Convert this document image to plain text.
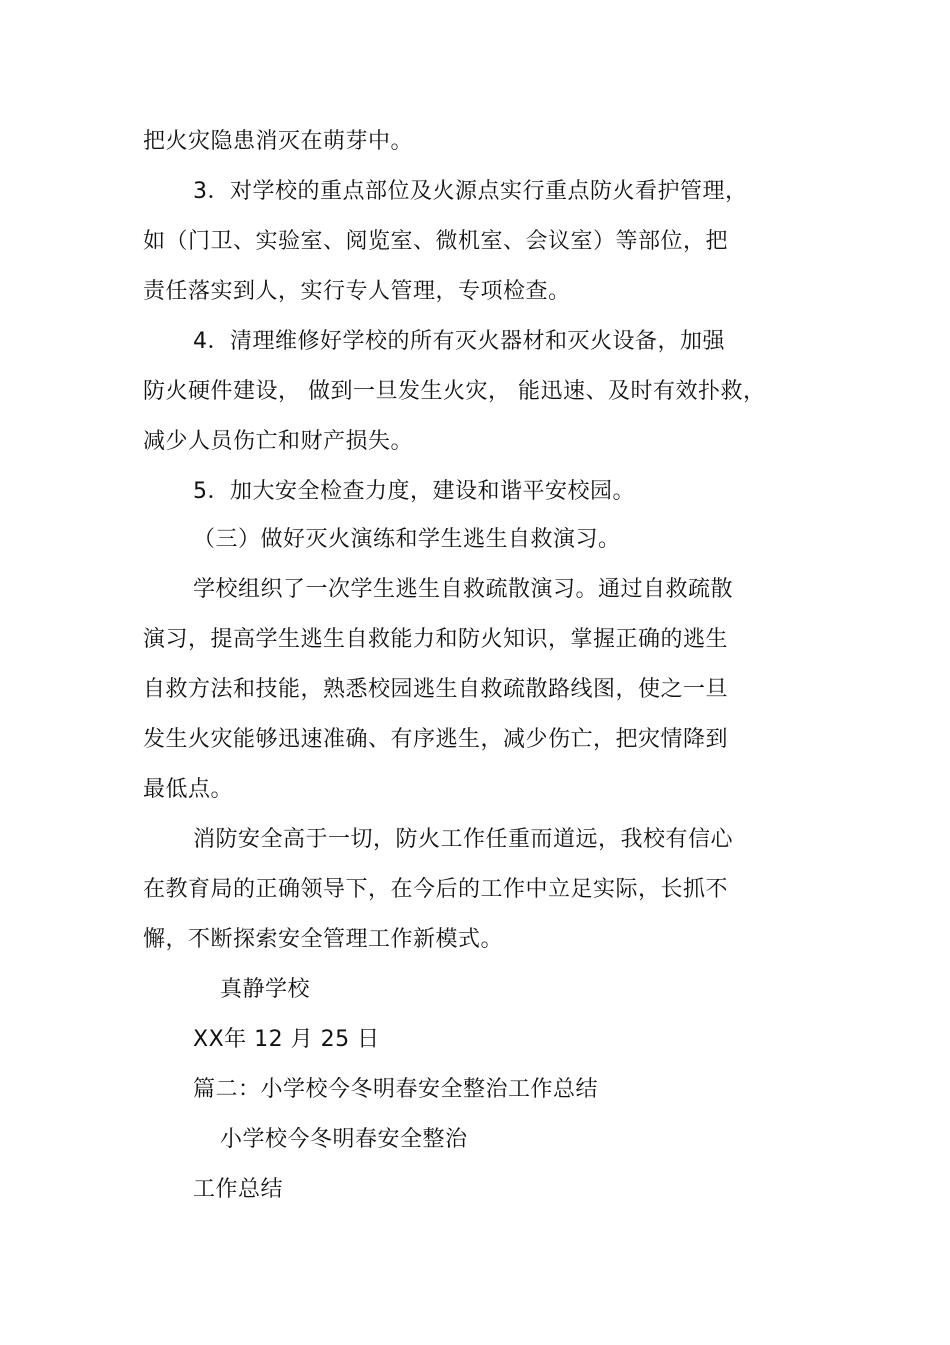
把火灾隐患消灭在萌芽中。
3．对学校的重点部位及火源点实行重点防火看护管理，
如（门卫、实验室、阅览室、微机室、会议室）等部位，把
责任落实到人，实行专人管理，专项检查。
4．清理维修好学校的所有灭火器材和灭火设备，加强
防火硬件建设， 做到一旦发生火灾， 能迅速、及时有效扑救，
减少人员伤亡和财产损失。
5．加大安全检查力度，建设和谐平安校园。
（三）做好灭火演练和学生逃生自救演习。
学校组织了一次学生逃生自救疏散演习。通过自救疏散
演习，提高学生逃生自救能力和防火知识，掌握正确的逃生
自救方法和技能，熟悉校园逃生自救疏散路线图，使之一旦
发生火灾能够迅速准确、有序逃生，减少伤亡，把灾情降到
最低点。
消防安全高于一切，防火工作任重而道远，我校有信心
在教育局的正确领导下，在今后的工作中立足实际，长抓不
懈，不断探索安全管理工作新模式。
真静学校
XX年 12 月 25 日
篇二：小学校今冬明春安全整治工作总结
小学校今冬明春安全整治
工作总结
